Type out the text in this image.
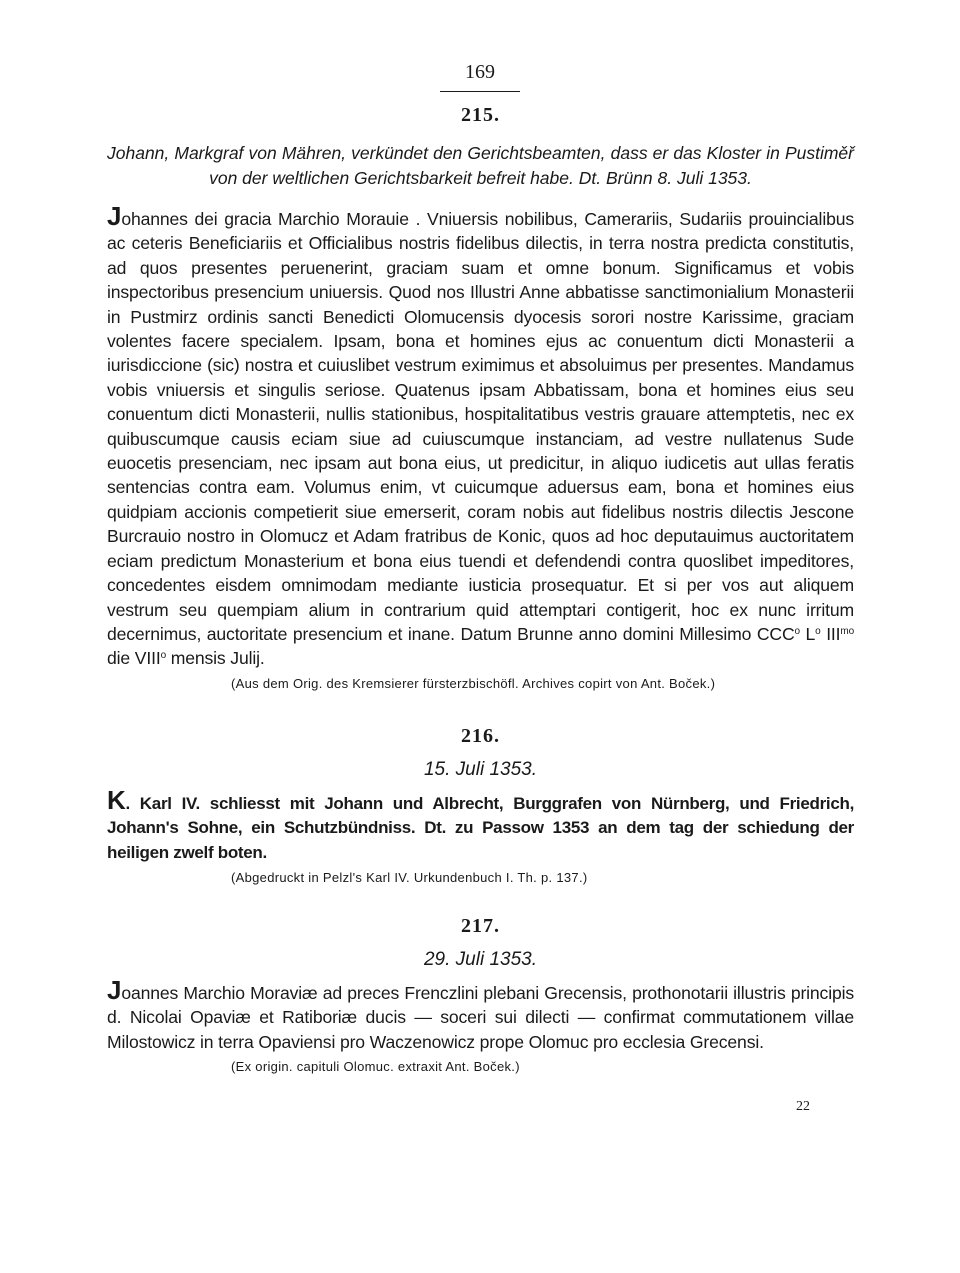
169
215.
Johann, Markgraf von Mähren, verkündet den Gerichtsbeamten, dass er das Kloster in Pustiměř von der weltlichen Gerichtsbarkeit befreit habe. Dt. Brünn 8. Juli 1353.
Johannes dei gracia Marchio Morauie . Vniuersis nobilibus, Camerariis, Sudariis prouincialibus ac ceteris Beneficiariis et Officialibus nostris fidelibus dilectis, in terra nostra predicta constitutis, ad quos presentes peruenerint, graciam suam et omne bonum. Significamus et vobis inspectoribus presencium uniuersis. Quod nos Illustri Anne abbatisse sanctimonialium Monasterii in Pustmirz ordinis sancti Benedicti Olomucensis dyocesis sorori nostre Karissime, graciam volentes facere specialem. Ipsam, bona et homines ejus ac conuentum dicti Monasterii a iurisdiccione (sic) nostra et cuiuslibet vestrum eximimus et absoluimus per presentes. Mandamus vobis vniuersis et singulis seriose. Quatenus ipsam Abbatissam, bona et homines eius seu conuentum dicti Monasterii, nullis stationibus, hospitalitatibus vestris grauare attemptetis, nec ex quibuscumque causis eciam siue ad cuiuscumque instanciam, ad vestre nullatenus Sude euocetis presenciam, nec ipsam aut bona eius, ut predicitur, in aliquo iudicetis aut ullas feratis sentencias contra eam. Volumus enim, vt cuicumque aduersus eam, bona et homines eius quidpiam accionis competierit siue emerserit, coram nobis aut fidelibus nostris dilectis Jescone Burcrauio nostro in Olomucz et Adam fratribus de Konic, quos ad hoc deputauimus auctoritatem eciam predictum Monasterium et bona eius tuendi et defendendi contra quoslibet impeditores, concedentes eisdem omnimodam mediante iusticia prosequatur. Et si per vos aut aliquem vestrum seu quempiam alium in contrarium quid attemptari contigerit, hoc ex nunc irritum decernimus, auctoritate presencium et inane. Datum Brunne anno domini Millesimo CCC$^o$ $L^o$ $III^{mo}$ die VIII$^o$ mensis Julij.
(Aus dem Orig. des Kremsierer fürsterzbischöfl. Archives copirt von Ant. Boček.)
216.
15. Juli 1353.
K. Karl IV. schliesst mit Johann und Albrecht, Burggrafen von Nürnberg, und Friedrich, Johann's Sohne, ein Schutzbündniss. Dt. zu Passow 1353 an dem tag der schiedung der heiligen zwelf boten.
(Abgedruckt in Pelzl's Karl IV. Urkundenbuch I. Th. p. 137.)
217.
29. Juli 1353.
Joannes Marchio Moraviæ ad preces Frenczlini plebani Grecensis, prothonotarii illustris principis d. Nicolai Opaviæ et Ratiboriæ ducis — soceri sui dilecti — confirmat commutationem villae Milostowicz in terra Opaviensi pro Waczenowicz prope Olomuc pro ecclesia Grecensi.
(Ex origin. capituli Olomuc. extraxit Ant. Boček.)
22
